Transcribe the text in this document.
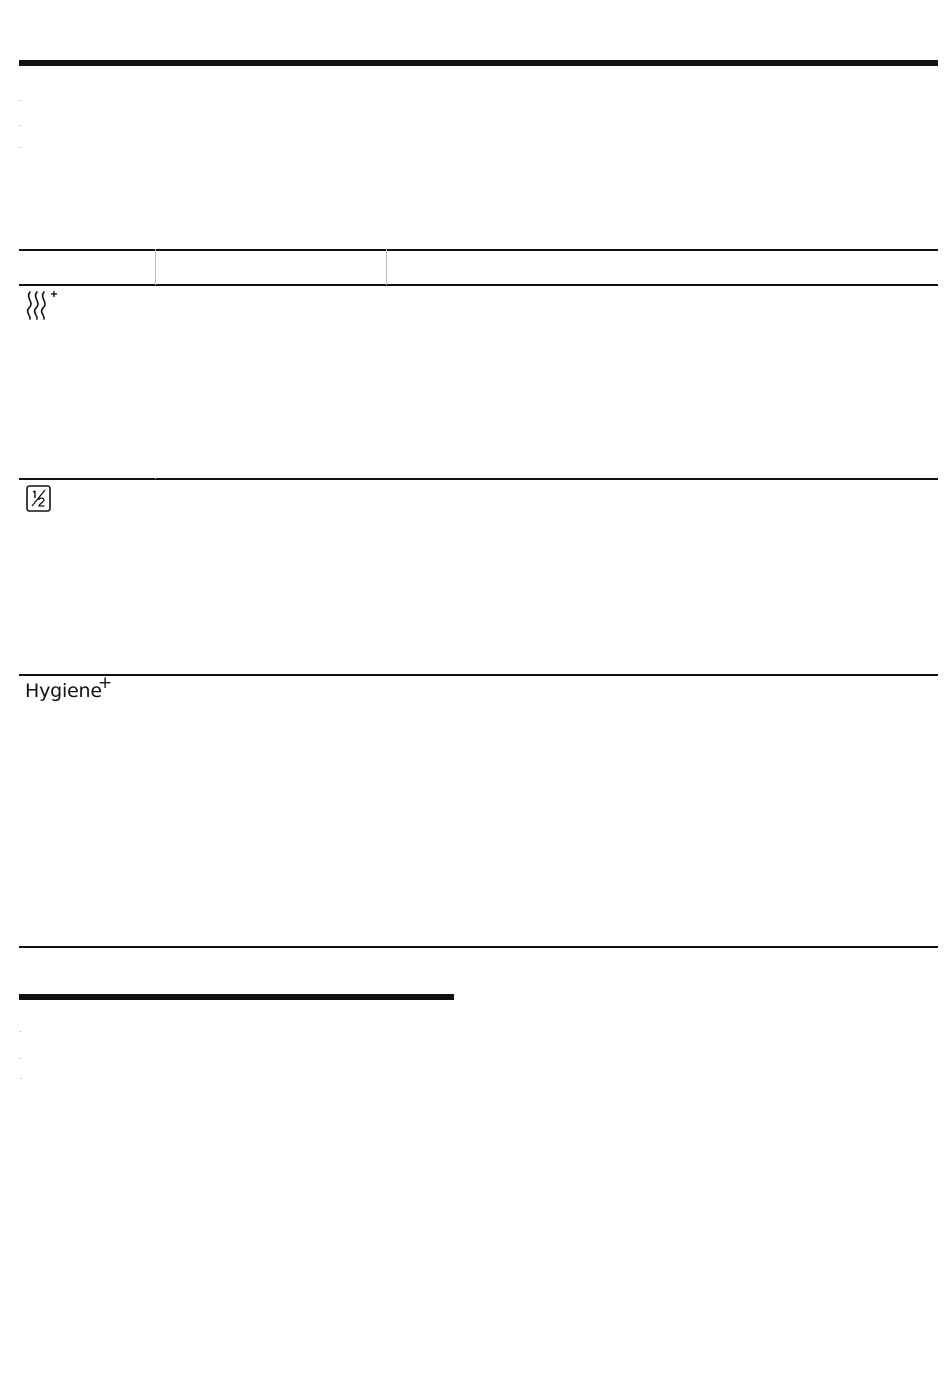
Hygiene
+
